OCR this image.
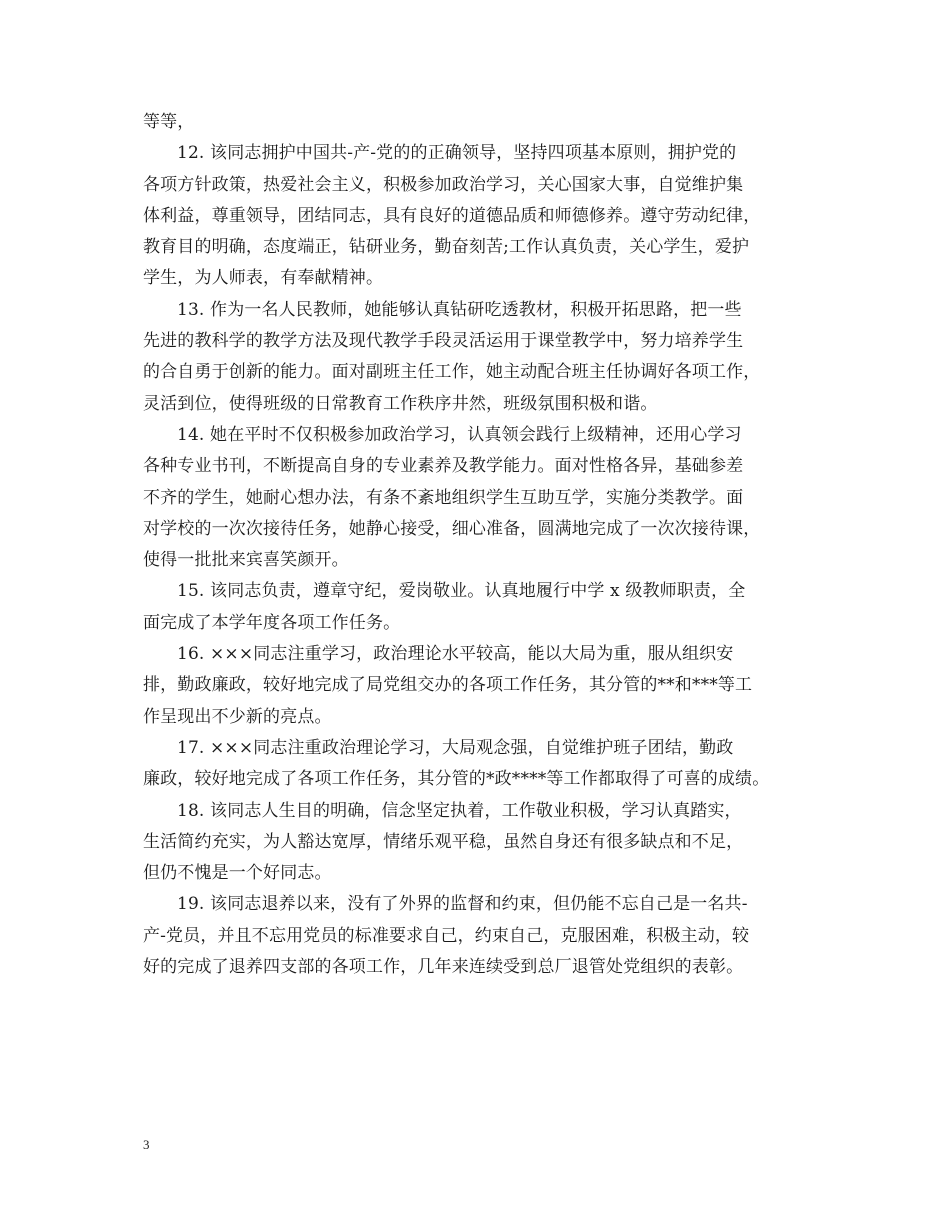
等等，
12. 该同志拥护中国共-产-党的的正确领导，坚持四项基本原则，拥护党的
各项方针政策，热爱社会主义，积极参加政治学习，关心国家大事，自觉维护集
体利益，尊重领导，团结同志，具有良好的道德品质和师德修养。遵守劳动纪律，
教育目的明确，态度端正，钻研业务，勤奋刻苦;工作认真负责，关心学生，爱护
学生，为人师表，有奉献精神。
13. 作为一名人民教师，她能够认真钻研吃透教材，积极开拓思路，把一些
先进的教科学的教学方法及现代教学手段灵活运用于课堂教学中，努力培养学生
的合自勇于创新的能力。面对副班主任工作，她主动配合班主任协调好各项工作，
灵活到位，使得班级的日常教育工作秩序井然，班级氛围积极和谐。
14. 她在平时不仅积极参加政治学习，认真领会践行上级精神，还用心学习
各种专业书刊，不断提高自身的专业素养及教学能力。面对性格各异，基础参差
不齐的学生，她耐心想办法，有条不紊地组织学生互助互学，实施分类教学。面
对学校的一次次接待任务，她静心接受，细心准备，圆满地完成了一次次接待课，
使得一批批来宾喜笑颜开。
15. 该同志负责，遵章守纪，爱岗敬业。认真地履行中学 x 级教师职责，全
面完成了本学年度各项工作任务。
16. ×××同志注重学习，政治理论水平较高，能以大局为重，服从组织安
排，勤政廉政，较好地完成了局党组交办的各项工作任务，其分管的**和***等工
作呈现出不少新的亮点。
17. ×××同志注重政治理论学习，大局观念强，自觉维护班子团结，勤政
廉政，较好地完成了各项工作任务，其分管的*政****等工作都取得了可喜的成绩。
18. 该同志人生目的明确，信念坚定执着，工作敬业积极，学习认真踏实，
生活简约充实，为人豁达宽厚，情绪乐观平稳，虽然自身还有很多缺点和不足，
但仍不愧是一个好同志。
19. 该同志退养以来，没有了外界的监督和约束，但仍能不忘自己是一名共-
产-党员，并且不忘用党员的标准要求自己，约束自己，克服困难，积极主动，较
好的完成了退养四支部的各项工作，几年来连续受到总厂退管处党组织的表彰。
3
